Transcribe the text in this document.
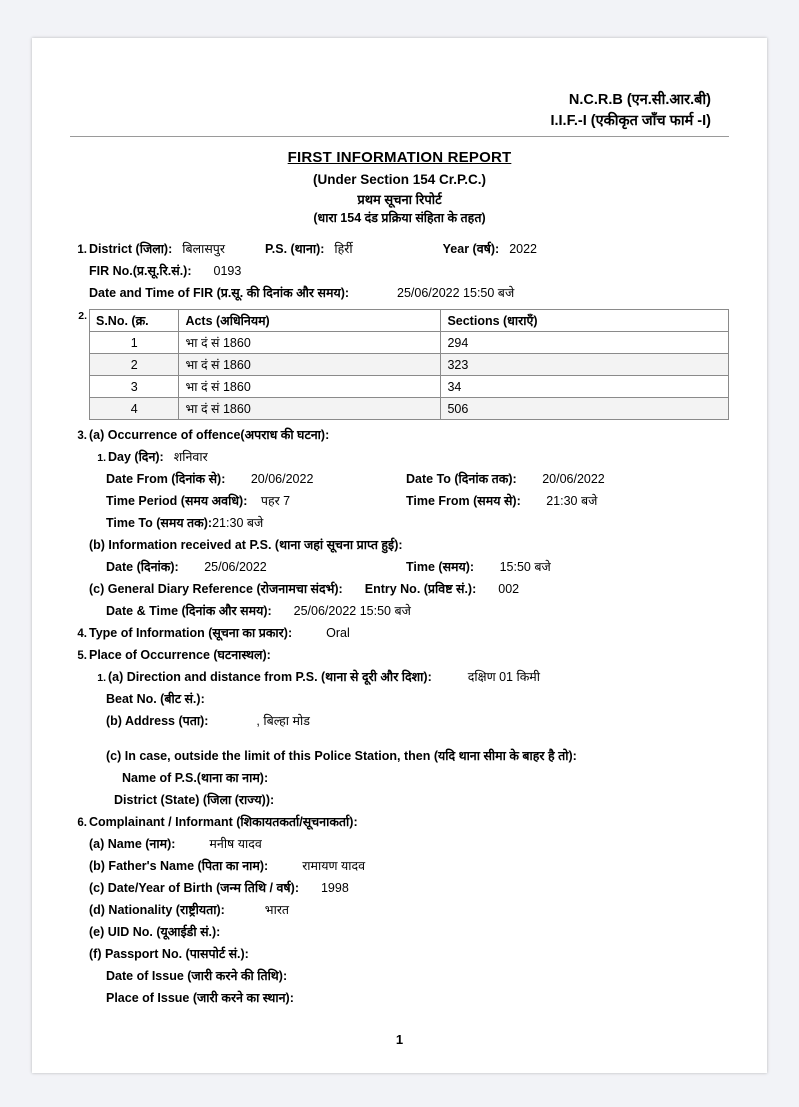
N.C.R.B (एन.सी.आर.बी)
I.I.F.-I (एकीकृत जाँच फार्म -I)
FIRST INFORMATION REPORT
(Under Section 154 Cr.P.C.)
प्रथम सूचना रिपोर्ट
(धारा 154 दंड प्रक्रिया संहिता के तहत)
1. District (जिला): बिलासपुर	P.S. (थाना): हिर्री	Year (वर्ष): 2022
FIR No.(प्र.सू.रि.सं.): 0193
Date and Time of FIR (प्र.सू. की दिनांक और समय):	25/06/2022 15:50 बजे
2. S.No. (क्र.	Acts (अधिनियम)	Sections (धाराएँ)
1	भा दं सं 1860	294
2	भा दं सं 1860	323
3	भा दं सं 1860	34
4	भा दं सं 1860	506
3. (a) Occurrence of offence(अपराध की घटना):
1. Day (दिन): शनिवार
Date From (दिनांक से): 20/06/2022	Date To (दिनांक तक): 20/06/2022
Time Period (समय अवधि): पहर 7	Time From (समय से): 21:30 बजे
Time To (समय तक): 21:30 बजे
(b) Information received at P.S. (थाना जहां सूचना प्राप्त हुई):
Date (दिनांक): 25/06/2022	Time (समय): 15:50 बजे
(c) General Diary Reference (रोजनामचा संदर्भ): Entry No. (प्रविष्ट सं.): 002
Date & Time (दिनांक और समय): 25/06/2022 15:50 बजे
4. Type of Information (सूचना का प्रकार):	Oral
5. Place of Occurrence (घटनास्थल):
1. (a) Direction and distance from P.S. (थाना से दूरी और दिशा):	दक्षिण 01 किमी
Beat No. (बीट सं.):
(b) Address (पता):	, बिल्हा मोड
(c) In case, outside the limit of this Police Station, then (यदि थाना सीमा के बाहर है तो):
Name of P.S.(थाना का नाम):
District (State) (जिला (राज्य)):
6. Complainant / Informant (शिकायतकर्ता/सूचनाकर्ता):
(a) Name (नाम):	मनीष यादव
(b) Father's Name (पिता का नाम):	रामायण यादव
(c) Date/Year of Birth (जन्म तिथि / वर्ष): 1998
(d) Nationality (राष्ट्रीयता):	भारत
(e) UID No. (यूआईडी सं.):
(f) Passport No. (पासपोर्ट सं.):
Date of Issue (जारी करने की तिथि):
Place of Issue (जारी करने का स्थान):
1
